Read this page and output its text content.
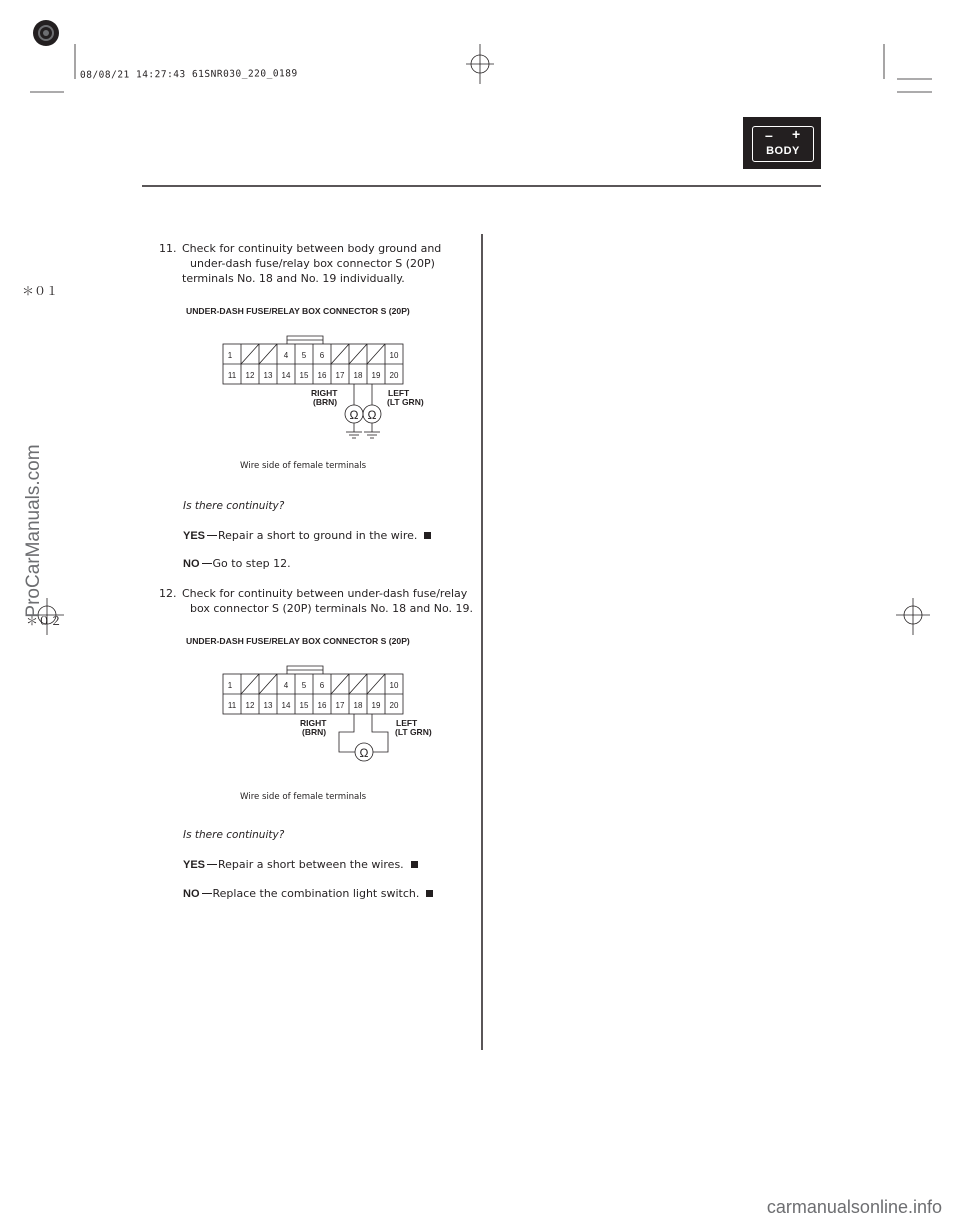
08/08/21 14:27:43 61SNR030_220_0189
– +
BODY
＊０１
＊０２
ProCarManuals.com
carmanualsonline.info
11. Check for continuity between body ground and
under-dash fuse/relay box connector S (20P)
terminals No. 18 and No. 19 individually.
UNDER-DASH FUSE/RELAY BOX CONNECTOR S (20P)
1	4 5 6	10
11 12 13 14 15 16 17 18 19 20
RIGHT
(BRN)
LEFT
(LT GRN)
Ω Ω
Wire side of female terminals
Is there continuity?
YES Repair a short to ground in the wire.
NO Go to step 12.
12. Check for continuity between under-dash fuse/relay
box connector S (20P) terminals No. 18 and No. 19.
UNDER-DASH FUSE/RELAY BOX CONNECTOR S (20P)
1	4 5 6	10
11 12 13 14 15 16 17 18 19 20
RIGHT
(BRN)
LEFT
(LT GRN)
Ω
Wire side of female terminals
Is there continuity?
YES Repair a short between the wires.
NO Replace the combination light switch.
